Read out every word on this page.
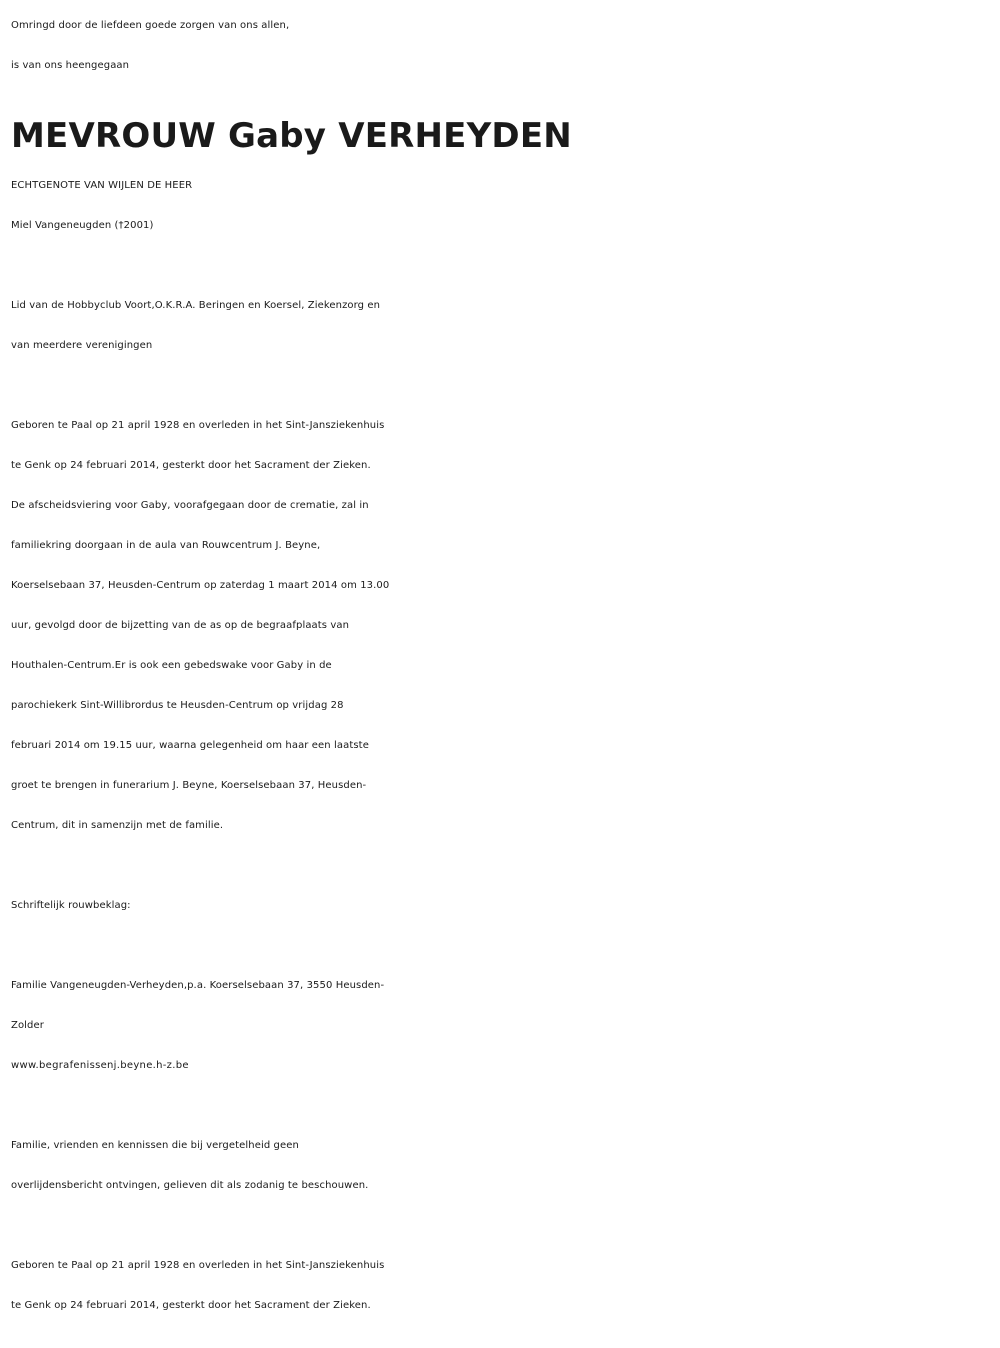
Omringd door de liefdeen goede zorgen van ons allen,
is van ons heengegaan
MEVROUW Gaby VERHEYDEN
ECHTGENOTE VAN WIJLEN DE HEER
Miel Vangeneugden (†2001)
Lid van de Hobbyclub Voort,O.K.R.A. Beringen en Koersel, Ziekenzorg en
van meerdere verenigingen
Geboren te Paal op 21 april 1928 en overleden in het Sint-Jansziekenhuis
te Genk op 24 februari 2014, gesterkt door het Sacrament der Zieken.
De afscheidsviering voor Gaby, voorafgegaan door de crematie, zal in
familiekring doorgaan in de aula van Rouwcentrum J. Beyne,
Koerselsebaan 37, Heusden-Centrum op zaterdag 1 maart 2014 om 13.00
uur, gevolgd door de bijzetting van de as op de begraafplaats van
Houthalen-Centrum.Er is ook een gebedswake voor Gaby in de
parochiekerk Sint-Willibrordus te Heusden-Centrum op vrijdag 28
februari 2014 om 19.15 uur, waarna gelegenheid om haar een laatste
groet te brengen in funerarium J. Beyne, Koerselsebaan 37, Heusden-
Centrum, dit in samenzijn met de familie.
Schriftelijk rouwbeklag:
Familie Vangeneugden-Verheyden,p.a. Koerselsebaan 37, 3550 Heusden-
Zolder
www.begrafenissenj.beyne.h-z.be
Familie, vrienden en kennissen die bij vergetelheid geen
overlijdensbericht ontvingen, gelieven dit als zodanig te beschouwen.
Geboren te Paal op 21 april 1928 en overleden in het Sint-Jansziekenhuis
te Genk op 24 februari 2014, gesterkt door het Sacrament der Zieken.
